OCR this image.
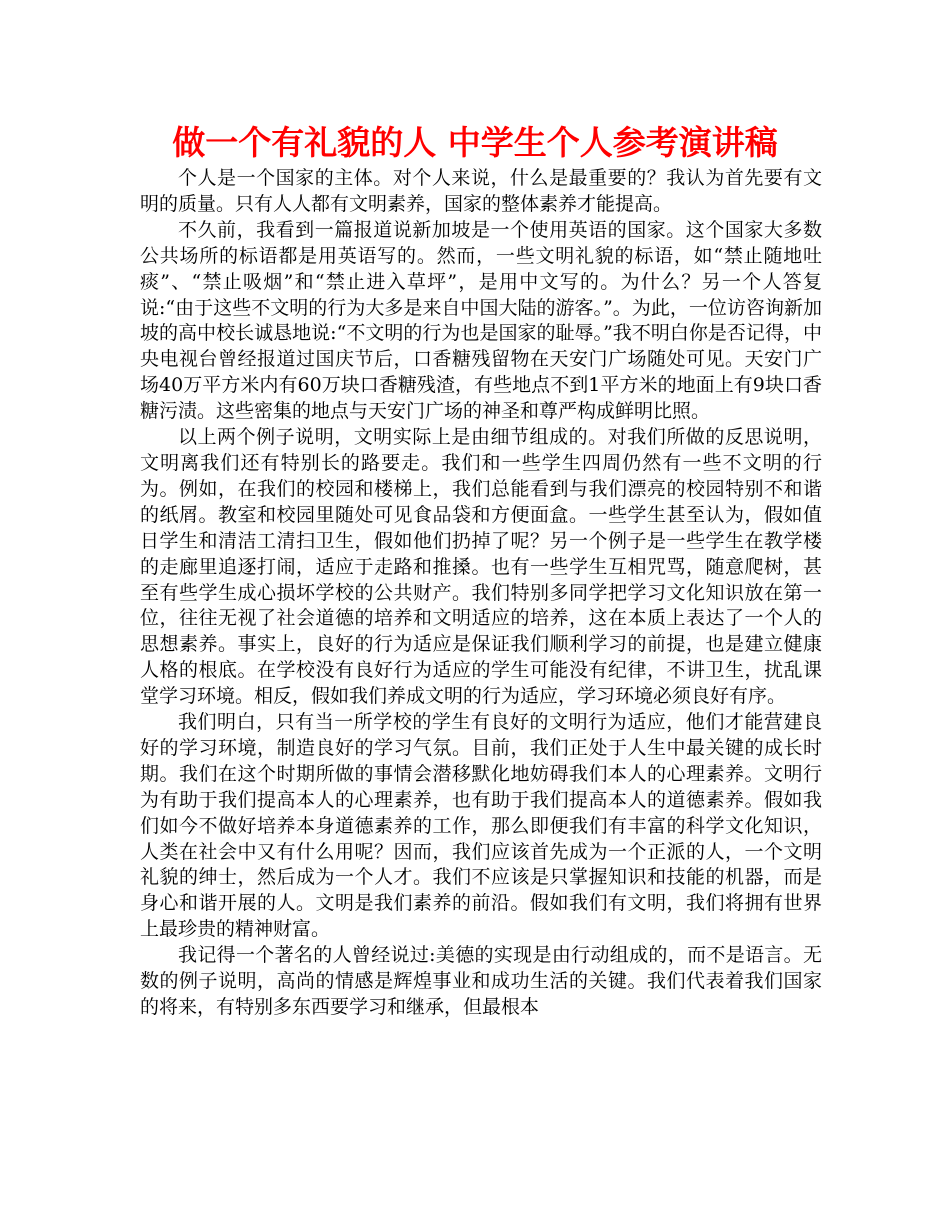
做一个有礼貌的人 中学生个人参考演讲稿

个人是一个国家的主体。对个人来说，什么是最重要的？我认为首先要有文明的质量。只有人人都有文明素养，国家的整体素养才能提高。

不久前，我看到一篇报道说新加坡是一个使用英语的国家。这个国家大多数公共场所的标语都是用英语写的。然而，一些文明礼貌的标语，如“禁止随地吐痰”、“禁止吸烟”和“禁止进入草坪”，是用中文写的。为什么？另一个人答复说:“由于这些不文明的行为大多是来自中国大陆的游客。”。为此，一位访咨询新加坡的高中校长诚恳地说:“不文明的行为也是国家的耻辱。”我不明白你是否记得，中央电视台曾经报道过国庆节后，口香糖残留物在天安门广场随处可见。天安门广场40万平方米内有60万块口香糖残渣，有些地点不到1平方米的地面上有9块口香糖污渍。这些密集的地点与天安门广场的神圣和尊严构成鲜明比照。

以上两个例子说明，文明实际上是由细节组成的。对我们所做的反思说明，文明离我们还有特别长的路要走。我们和一些学生四周仍然有一些不文明的行为。例如，在我们的校园和楼梯上，我们总能看到与我们漂亮的校园特别不和谐的纸屑。教室和校园里随处可见食品袋和方便面盒。一些学生甚至认为，假如值日学生和清洁工清扫卫生，假如他们扔掉了呢？另一个例子是一些学生在教学楼的走廊里追逐打闹，适应于走路和推搡。也有一些学生互相咒骂，随意爬树，甚至有些学生成心损坏学校的公共财产。我们特别多同学把学习文化知识放在第一位，往往无视了社会道德的培养和文明适应的培养，这在本质上表达了一个人的思想素养。事实上，良好的行为适应是保证我们顺利学习的前提，也是建立健康人格的根底。在学校没有良好行为适应的学生可能没有纪律，不讲卫生，扰乱课堂学习环境。相反，假如我们养成文明的行为适应，学习环境必须良好有序。

我们明白，只有当一所学校的学生有良好的文明行为适应，他们才能营建良好的学习环境，制造良好的学习气氛。目前，我们正处于人生中最关键的成长时期。我们在这个时期所做的事情会潜移默化地妨碍我们本人的心理素养。文明行为有助于我们提高本人的心理素养，也有助于我们提高本人的道德素养。假如我们如今不做好培养本身道德素养的工作，那么即便我们有丰富的科学文化知识，人类在社会中又有什么用呢？因而，我们应该首先成为一个正派的人，一个文明礼貌的绅士，然后成为一个人才。我们不应该是只掌握知识和技能的机器，而是身心和谐开展的人。文明是我们素养的前沿。假如我们有文明，我们将拥有世界上最珍贵的精神财富。

我记得一个著名的人曾经说过:美德的实现是由行动组成的，而不是语言。无数的例子说明，高尚的情感是辉煌事业和成功生活的关键。我们代表着我们国家的将来，有特别多东西要学习和继承，但最根本
